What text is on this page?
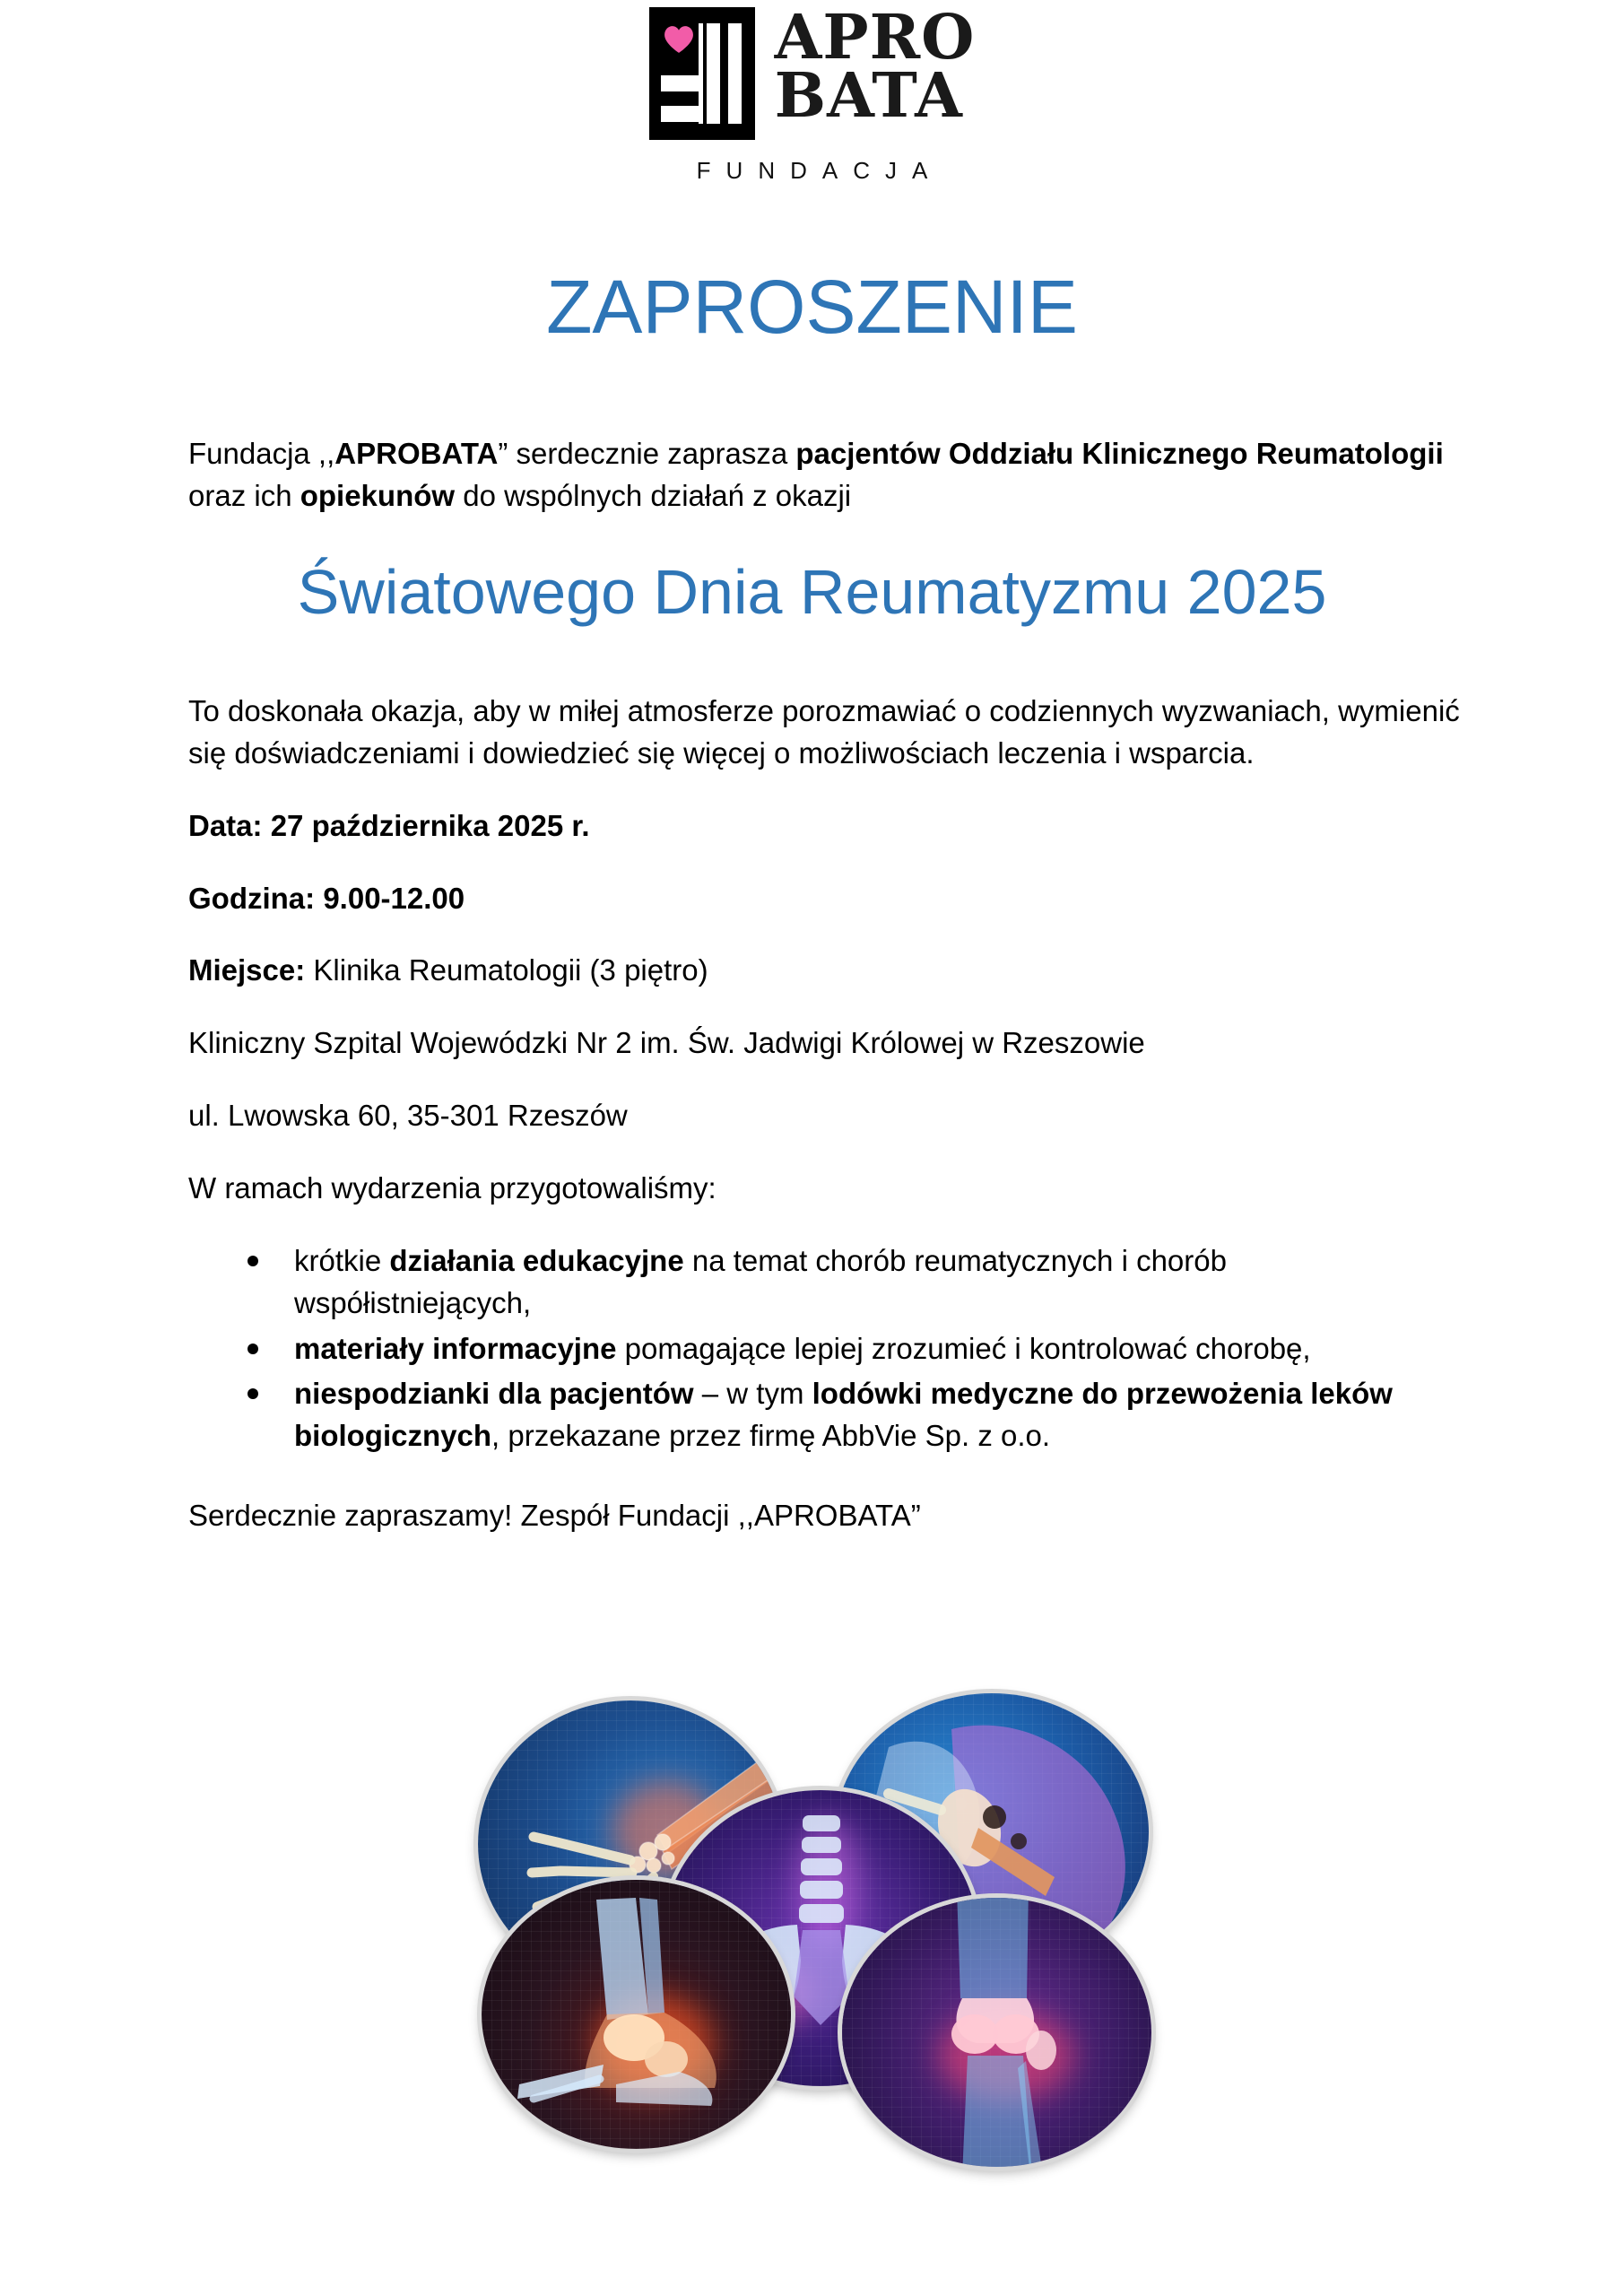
APRO
BATA
FUNDACJA
ZAPROSZENIE

Fundacja ,,APROBATA” serdecznie zaprasza pacjentów Oddziału Klinicznego Reumatologii oraz ich opiekunów do wspólnych działań z okazji

Światowego Dnia Reumatyzmu 2025

To doskonała okazja, aby w miłej atmosferze porozmawiać o codziennych wyzwaniach, wymienić się doświadczeniami i dowiedzieć się więcej o możliwościach leczenia i wsparcia.

Data: 27 października 2025 r.

Godzina: 9.00-12.00

Miejsce: Klinika Reumatologii (3 piętro)

Kliniczny Szpital Wojewódzki Nr 2 im. Św. Jadwigi Królowej w Rzeszowie

ul. Lwowska 60, 35-301 Rzeszów

W ramach wydarzenia przygotowaliśmy:

krótkie działania edukacyjne na temat chorób reumatycznych i chorób współistniejących,
materiały informacyjne pomagające lepiej zrozumieć i kontrolować chorobę,
niespodzianki dla pacjentów – w tym lodówki medyczne do przewożenia leków biologicznych, przekazane przez firmę AbbVie Sp. z o.o.

Serdecznie zapraszamy! Zespół Fundacji ,,APROBATA”
